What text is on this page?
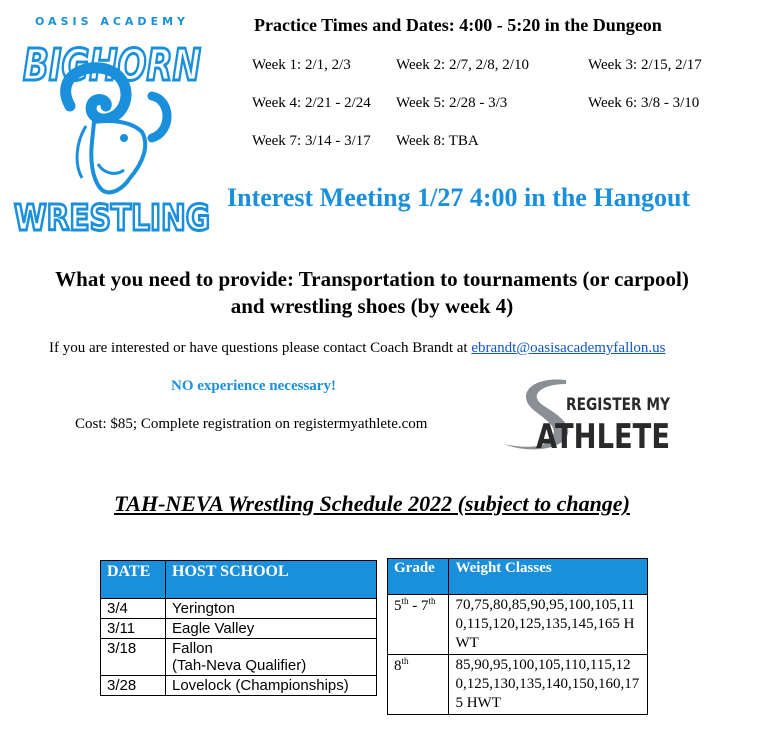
OASIS ACADEMY
BIGHORN
WRESTLING
Practice Times and Dates: 4:00 - 5:20 in the Dungeon
Week 1: 2/1, 2/3	Week 2: 2/7, 2/8, 2/10	Week 3: 2/15, 2/17
Week 4: 2/21 - 2/24 Week 5: 2/28 - 3/3	Week 6: 3/8 - 3/10
Week 7: 3/14 - 3/17 Week 8: TBA
Interest Meeting 1/27 4:00 in the Hangout
What you need to provide: Transportation to tournaments (or carpool)
and wrestling shoes (by week 4)
If you are interested or have questions please contact Coach Brandt at ebrandt@oasisacademyfallon.us
NO experience necessary!
Cost: $85; Complete registration on registermyathlete.com
REGISTER MY
ATHLETE
TAH-NEVA Wrestling Schedule 2022 (subject to change)
DATE	HOST SCHOOL
3/4	Yerington
3/11	Eagle Valley
3/18	Fallon
(Tah-Neva Qualifier)

3/28	Lovelock (Championships)
Grade	Weight Classes
5th - 7th	70,75,80,85,90,95,100,105,110,115,120,125,135,145,165 HWT
8th	85,90,95,100,105,110,115,120,125,130,135,140,150,160,175 HWT
